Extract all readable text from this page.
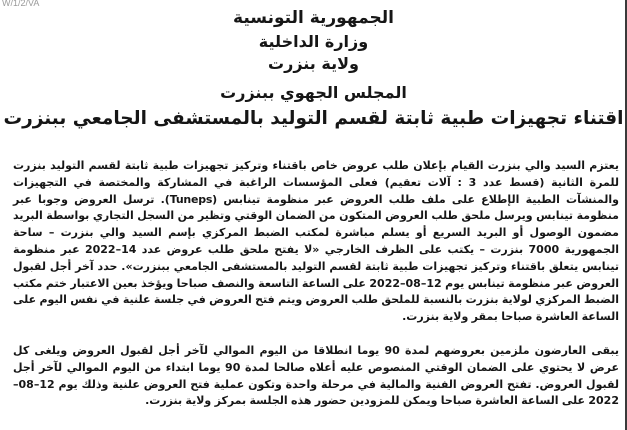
W/1/2/VA
الجمهورية التونسية
وزارة الداخلية
ولاية بنزرت
المجلس الجهوي ببنزرت
اقتناء تجهيزات طبية ثابتة لقسم التوليد بالمستشفى الجامعي ببنزرت
يعتزم السيد والي بنزرت القيام بإعلان طلب عروض خاص باقتناء وتركيز تجهيزات طبية ثابتة لقسم التوليد بنزرت للمرة الثانية (قسط عدد 3 : آلات تعقيم) فعلى المؤسسات الراغبة في المشاركة والمختصة في التجهيزات والمنشآت الطبية الإطلاع على ملف طلب العروض عبر منظومة تينابس (Tuneps). ترسل العروض وجوبا عبر منظومة تينابس ويرسل ملحق طلب العروض المتكون من الضمان الوقتي وتظير من السجل التجاري بواسطة البريد مضمون الوصول أو البريد السريع أو يسلم مباشرة لمكتب الضبط المركزي بإسم السيد والي بنزرت – ساحة الجمهورية 7000 بنزرت – يكتب على الظرف الخارجي «لا يفتح ملحق طلب عروض عدد 14–2022 عبر منظومة تينابس يتعلق باقتناء وتركيز تجهيزات طبية ثابتة لقسم التوليد بالمستشفى الجامعي ببنزرت». حدد آخر أجل لقبول العروض عبر منظومة تينابس يوم 12–08–2022 على الساعة التاسعة والنصف صباحا ويؤخذ بعين الاعتبار ختم مكتب الضبط المركزي لولاية بنزرت بالنسبة للملحق طلب العروض ويتم فتح العروض في جلسة علنية في نفس اليوم على الساعة العاشرة صباحا بمقر ولاية بنزرت.
يبقى العارضون ملزمين بعروضهم لمدة 90 يوما انطلاقا من اليوم الموالي لآخر أجل لقبول العروض ويلغى كل عرض لا يحتوي على الضمان الوقتي المنصوص عليه أعلاه صالحا لمدة 90 يوما ابتداء من اليوم الموالي لآخر أجل لقبول العروض. تفتح العروض الفنية والمالية في مرحلة واحدة وتكون عملية فتح العروض علنية وذلك يوم 12–08–2022 على الساعة العاشرة صباحا ويمكن للمزودين حضور هذه الجلسة بمركز ولاية بنزرت.
